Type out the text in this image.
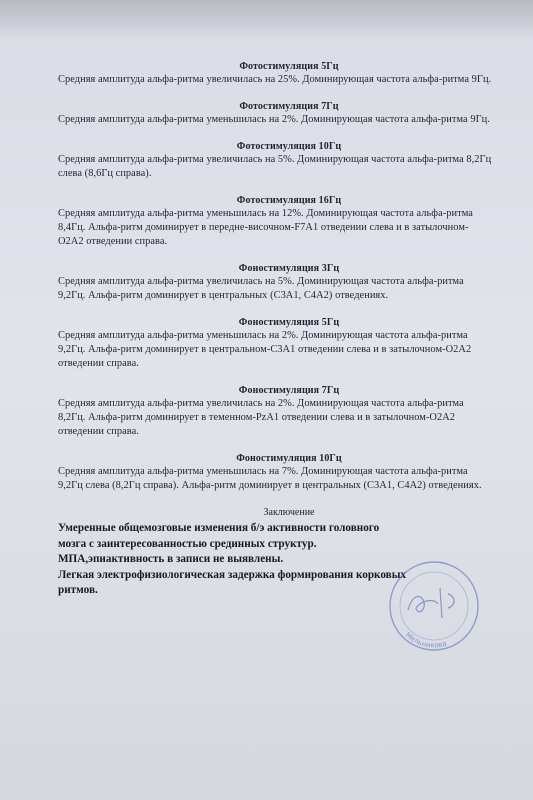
Фотостимуляция 5Гц
Средняя амплитуда альфа-ритма увеличилась на 25%. Доминирующая частота альфа-ритма 9Гц.
Фотостимуляция 7Гц
Средняя амплитуда альфа-ритма уменьшилась на 2%. Доминирующая частота альфа-ритма 9Гц.
Фотостимуляция 10Гц
Средняя амплитуда альфа-ритма увеличилась на 5%. Доминирующая частота альфа-ритма 8,2Гц
слева (8,6Гц справа).
Фотостимуляция 16Гц
Средняя амплитуда альфа-ритма уменьшилась на 12%. Доминирующая частота альфа-ритма
8,4Гц. Альфа-ритм доминирует в передне-височном-F7A1 отведении слева и в затылочном-
O2A2 отведении справа.
Фоностимуляция 3Гц
Средняя амплитуда альфа-ритма увеличилась на 5%. Доминирующая частота альфа-ритма
9,2Гц. Альфа-ритм доминирует в центральных (C3A1, C4A2) отведениях.
Фоностимуляция 5Гц
Средняя амплитуда альфа-ритма уменьшилась на 2%. Доминирующая частота альфа-ритма
9,2Гц. Альфа-ритм доминирует в центральном-C3A1 отведении слева и в затылочном-O2A2
отведении справа.
Фоностимуляция 7Гц
Средняя амплитуда альфа-ритма увеличилась на 2%. Доминирующая частота альфа-ритма
8,2Гц. Альфа-ритм доминирует в теменном-PzA1 отведении слева и в затылочном-O2A2
отведении справа.
Фоностимуляция 10Гц
Средняя амплитуда альфа-ритма уменьшилась на 7%. Доминирующая частота альфа-ритма
9,2Гц слева (8,2Гц справа). Альфа-ритм доминирует в центральных (C3A1, C4A2) отведениях.
Заключение
Умеренные общемозговые изменения б/э активности головного
мозга с заинтересованностью срединных структур.
МПА,эпиактивность в записи не выявлены.
Легкая электрофизиологическая задержка формирования корковых
ритмов.
Мельникова
